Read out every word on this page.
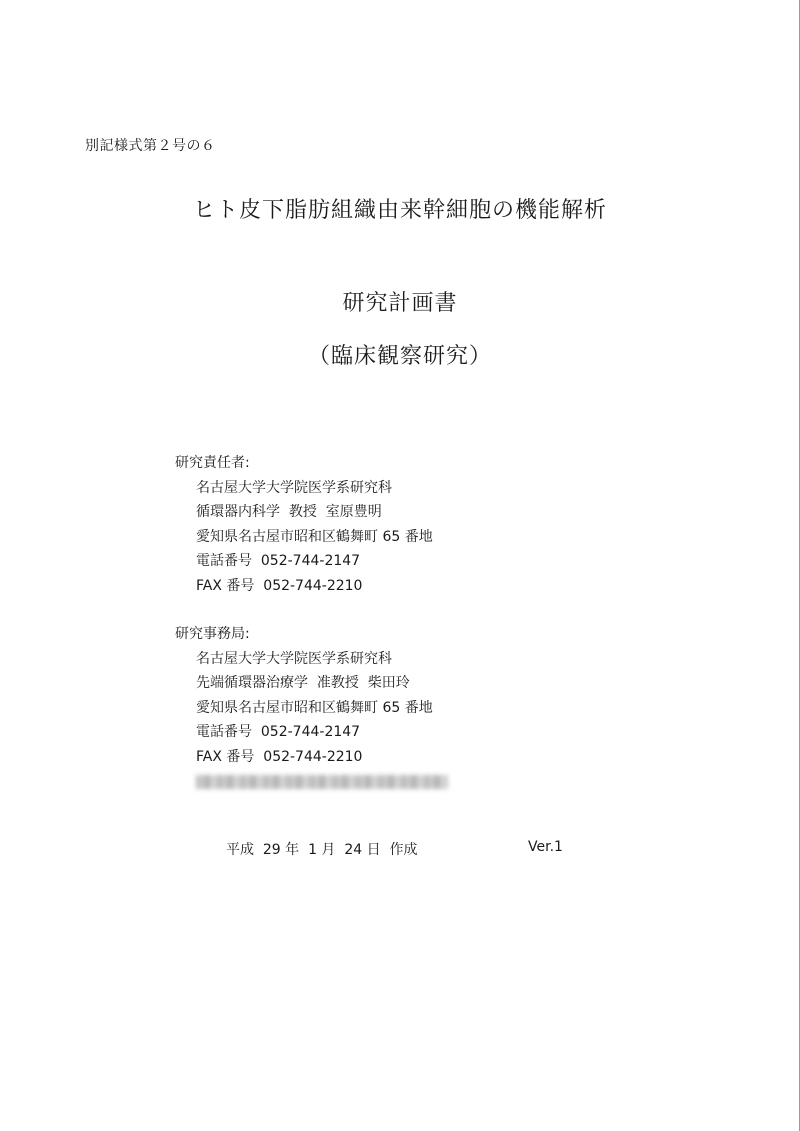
別記様式第２号の６
ヒト皮下脂肪組織由来幹細胞の機能解析
研究計画書
（臨床観察研究）
研究責任者:
名古屋大学大学院医学系研究科
循環器内科学  教授  室原豊明
愛知県名古屋市昭和区鶴舞町 65 番地
電話番号  052-744-2147
FAX 番号  052-744-2210
研究事務局:
名古屋大学大学院医学系研究科
先端循環器治療学  准教授  柴田玲
愛知県名古屋市昭和区鶴舞町 65 番地
電話番号  052-744-2147
FAX 番号  052-744-2210
平成  29 年  1 月  24 日  作成	Ver.1
